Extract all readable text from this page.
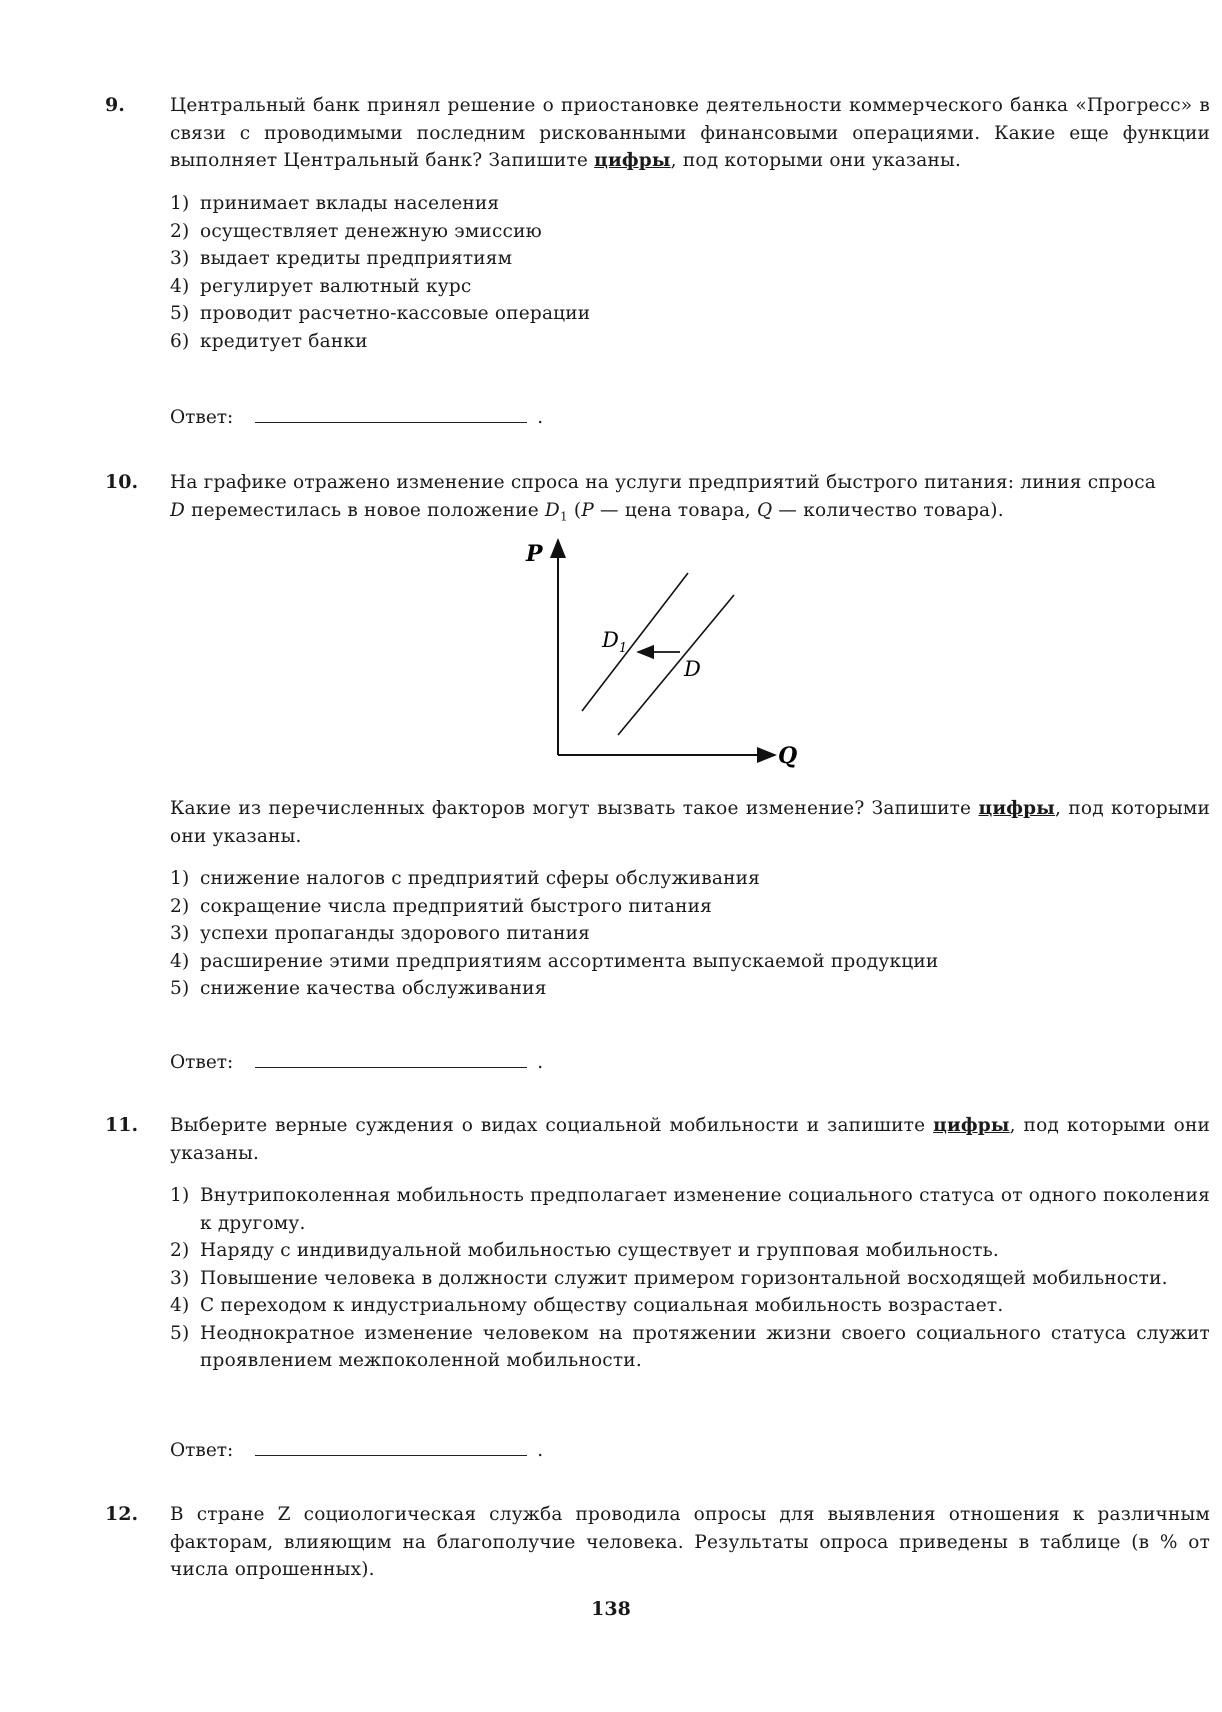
9. Центральный банк принял решение о приостановке деятельности коммерческого банка «Прогресс» в связи с проводимыми последним рискованными финансовыми операциями. Какие еще функции выполняет Центральный банк? Запишите цифры, под которыми они указаны.
1) принимает вклады населения
2) осуществляет денежную эмиссию
3) выдает кредиты предприятиям
4) регулирует валютный курс
5) проводит расчетно-кассовые операции
6) кредитует банки
Ответ:	.
10. На графике отражено изменение спроса на услуги предприятий быстрого питания: линия спроса
D переместилась в новое положение $D_1$ (P — цена товара, Q — количество товара).
Какие из перечисленных факторов могут вызвать такое изменение? Запишите цифры, под которыми они указаны.
1) снижение налогов с предприятий сферы обслуживания
2) сокращение числа предприятий быстрого питания
3) успехи пропаганды здорового питания
4) расширение этими предприятиям ассортимента выпускаемой продукции
5) снижение качества обслуживания
Ответ:	.
P
Q
$D_1$
D
11. Выберите верные суждения о видах социальной мобильности и запишите цифры, под которыми они указаны.
1) Внутрипоколенная мобильность предполагает изменение социального статуса от одного поколения к другому.
2) Наряду с индивидуальной мобильностью существует и групповая мобильность.
3) Повышение человека в должности служит примером горизонтальной восходящей мобильности.
4) С переходом к индустриальному обществу социальная мобильность возрастает.
5) Неоднократное изменение человеком на протяжении жизни своего социального статуса служит проявлением межпоколенной мобильности.
Ответ:	.
12. В стране Z социологическая служба проводила опросы для выявления отношения к различным факторам, влияющим на благополучие человека. Результаты опроса приведены в таблице (в % от числа опрошенных).
138
